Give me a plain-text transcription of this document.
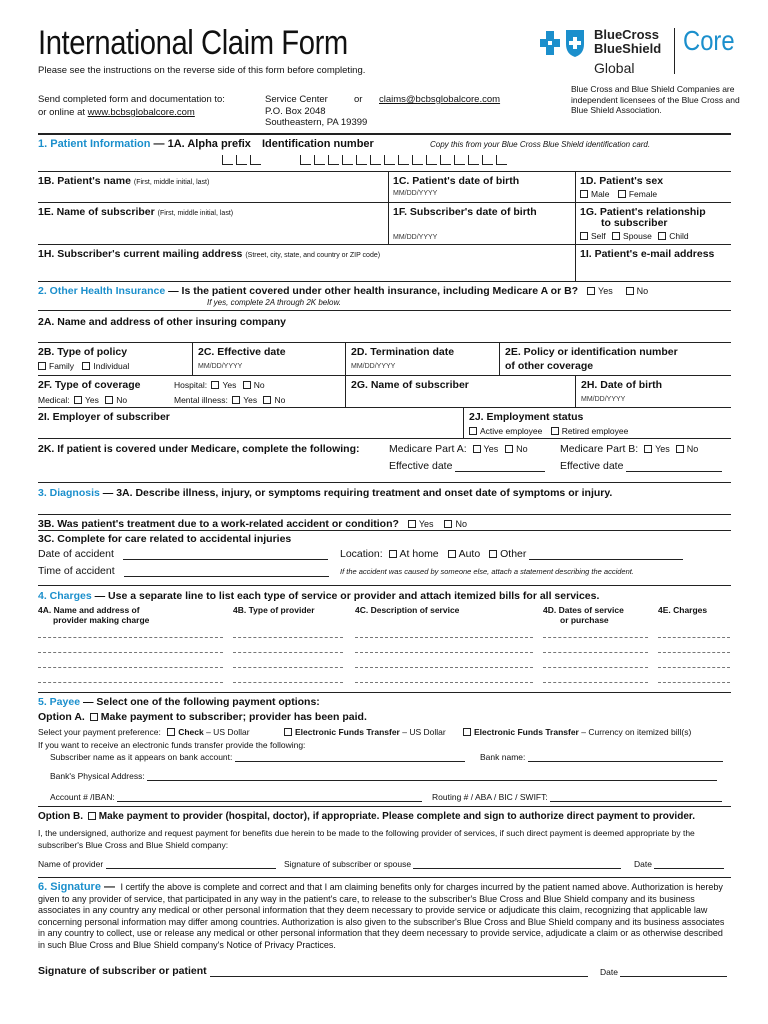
International Claim Form
Please see the instructions on the reverse side of this form before completing.
Send completed form and documentation to:
or online at www.bcbsglobalcore.com
Service Center
P.O. Box 2048
Southeastern, PA 19399
or claims@bcbsglobalcore.com
BlueCross
BlueShield
Global
Core
Blue Cross and Blue Shield Companies are independent licensees of the Blue Cross and Blue Shield Association.
1. Patient Information — 1A. Alpha prefix Identification number	Copy this from your Blue Cross Blue Shield identification card.
1B. Patient's name (First, middle initial, last)	1C. Patient's date of birth
MM/DD/YYYY
1D. Patient's sex
Male Female
1E. Name of subscriber (First, middle initial, last)	1F. Subscriber's date of birth
MM/DD/YYYY
1G. Patient's relationship
to subscriber
Self Spouse Child
1H. Subscriber's current mailing address (Street, city, state, and country or ZIP code)	1I. Patient's e-mail address
2. Other Health Insurance — Is the patient covered under other health insurance, including Medicare A or B? Yes	No
If yes, complete 2A through 2K below.
2A. Name and address of other insuring company
2B. Type of policy
Family Individual
2C. Effective date
MM/DD/YYYY
2D. Termination date
MM/DD/YYYY
2E. Policy or identification number
of other coverage
2F. Type of coverage
Medical: Yes No
Hospital: Yes No
Mental illness: Yes No
2G. Name of subscriber	2H. Date of birth
MM/DD/YYYY
2I. Employer of subscriber	2J. Employment status
Active employee Retired employee
2K. If patient is covered under Medicare, complete the following:	Medicare Part A: Yes No	Medicare Part B: Yes No
Effective date	Effective date
3. Diagnosis — 3A. Describe illness, injury, or symptoms requiring treatment and onset date of symptoms or injury.
3B. Was patient's treatment due to a work-related accident or condition? Yes No
3C. Complete for care related to accidental injuries
Date of accident	Location: At home Auto Other
Time of accident	If the accident was caused by someone else, attach a statement describing the accident.
4. Charges — Use a separate line to list each type of service or provider and attach itemized bills for all services.
4A. Name and address of
provider making charge
4B. Type of provider	4C. Description of service	4D. Dates of service
or purchase
4E. Charges
5. Payee — Select one of the following payment options:
Option A. Make payment to subscriber; provider has been paid.
Select your payment preference: Check – US Dollar	Electronic Funds Transfer – US Dollar	Electronic Funds Transfer – Currency on itemized bill(s)
If you want to receive an electronic funds transfer provide the following:
Subscriber name as it appears on bank account:	Bank name:
Bank's Physical Address:
Account # /IBAN:	Routing # / ABA / BIC / SWIFT:
Option B. Make payment to provider (hospital, doctor), if appropriate. Please complete and sign to authorize direct payment to provider.
I, the undersigned, authorize and request payment for benefits due herein to be made to the following provider of services, if such direct payment is deemed appropriate by the subscriber's Blue Cross and Blue Shield company:
Name of provider	Signature of subscriber or spouse	Date
6. Signature — I certify the above is complete and correct and that I am claiming benefits only for charges incurred by the patient named above. Authorization is hereby given to any provider of service, that participated in any way in the patient's care, to release to the subscriber's Blue Cross and Blue Shield company and its business associates in any country any medical or other personal information that they deem necessary to provide service or adjudicate this claim, recognizing that applicable law concerning personal information may differ among countries. Authorization is also given to the subscriber's Blue Cross and Blue Shield company and its business associates in any country to collect, use or release any medical or other personal information that they deem necessary to provide service, adjudicate a claim or as otherwise described in such Blue Cross and Blue Shield company's Notice of Privacy Practices.
Signature of subscriber or patient	Date
